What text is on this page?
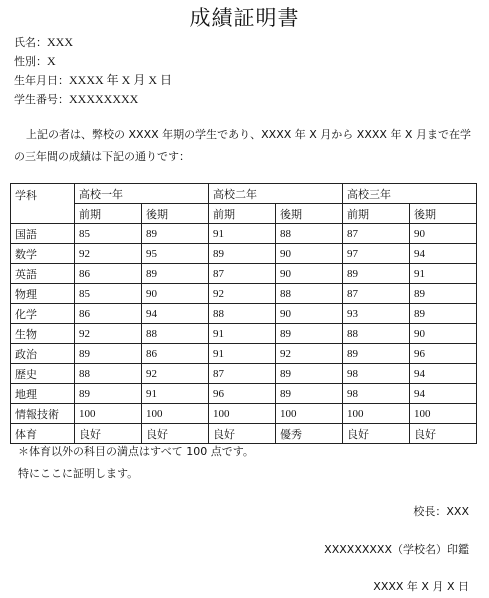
成績証明書
氏名：XXX
性別：X
生年月日：XXXX 年 X 月 X 日
学生番号：XXXXXXXX
上記の者は、弊校の XXXX 年期の学生であり、XXXX 年 X 月から XXXX 年 X 月まで在学の三年間の成績は下記の通りです：
学科	高校一年		高校二年		高校三年	
	前期	後期	前期	後期	前期	後期
国語	85	89	91	88	87	90
数学	92	95	89	90	97	94
英語	86	89	87	90	89	91
物理	85	90	92	88	87	89
化学	86	94	88	90	93	89
生物	92	88	91	89	88	90
政治	89	86	91	92	89	96
歴史	88	92	87	89	98	94
地理	89	91	96	89	98	94
情報技術	100	100	100	100	100	100
体育	良好	良好	良好	優秀	良好	良好
＊体育以外の科目の満点はすべて 100 点です。
特にここに証明します。
校長：XXX
XXXXXXXXX（学校名）印鑑
XXXX 年 X 月 X 日
